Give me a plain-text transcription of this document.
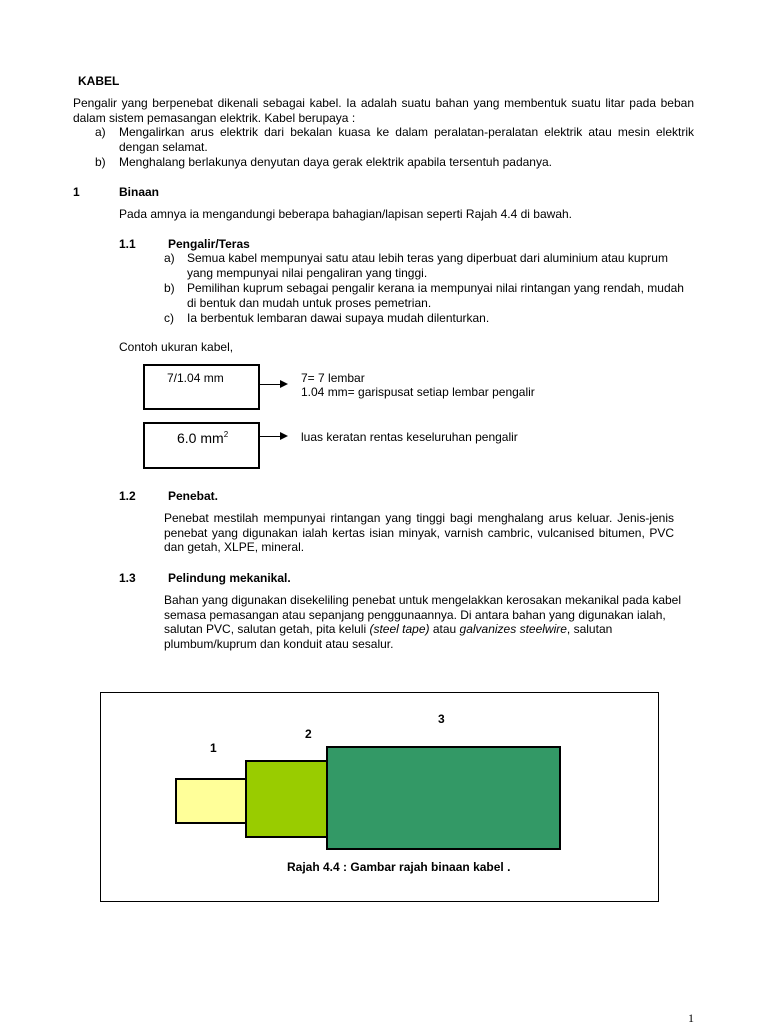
KABEL
Pengalir yang berpenebat dikenali sebagai kabel. Ia adalah suatu bahan yang membentuk suatu litar pada beban dalam sistem pemasangan elektrik. Kabel berupaya :
a) Mengalirkan arus elektrik dari bekalan kuasa ke dalam peralatan-peralatan elektrik atau mesin elektrik dengan selamat.
b) Menghalang berlakunya denyutan daya gerak elektrik apabila tersentuh padanya.
1	Binaan
Pada amnya ia mengandungi beberapa bahagian/lapisan seperti Rajah 4.4 di bawah.
1.1	Pengalir/Teras
a) Semua kabel mempunyai satu atau lebih teras yang diperbuat dari aluminium atau kuprum yang mempunyai nilai pengaliran yang tinggi.
b) Pemilihan kuprum sebagai pengalir kerana ia mempunyai nilai rintangan yang rendah, mudah di bentuk dan mudah untuk proses pemetrian.
c) Ia berbentuk lembaran dawai supaya mudah dilenturkan.
Contoh ukuran kabel,
7/1.04 mm	7= 7 lembar
1.04 mm= garispusat setiap lembar pengalir
6.0 $mm^2$	luas keratan rentas keseluruhan pengalir
1.2	Penebat.
Penebat mestilah mempunyai rintangan yang tinggi bagi menghalang arus keluar. Jenis-jenis penebat yang digunakan ialah kertas isian minyak, varnish cambric, vulcanised bitumen, PVC dan getah, XLPE, mineral.
1.3	Pelindung mekanikal.
Bahan yang digunakan disekeliling penebat untuk mengelakkan kerosakan mekanikal pada kabel semasa pemasangan atau sepanjang penggunaannya. Di antara bahan yang digunakan ialah, salutan PVC, salutan getah, pita keluli (steel tape) atau galvanizes steelwire, salutan plumbum/kuprum dan konduit atau sesalur.
3
2
1
Rajah 4.4 : Gambar rajah binaan kabel .
1
